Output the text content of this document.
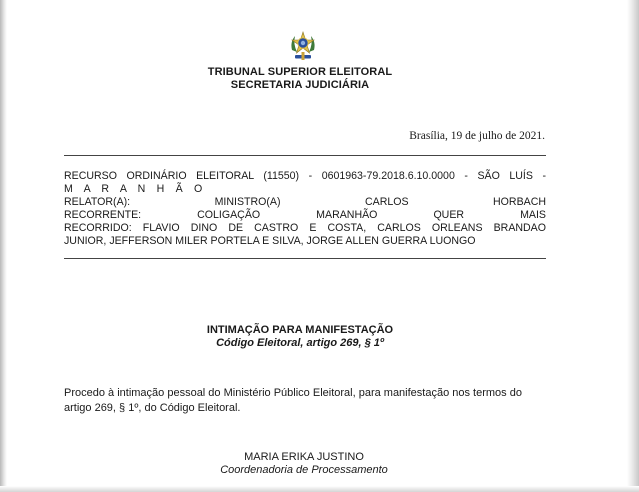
TRIBUNAL SUPERIOR ELEITORAL
SECRETARIA JUDICIÁRIA
Brasília, 19 de julho de 2021.
RECURSO ORDINÁRIO ELEITORAL (11550) - 0601963-79.2018.6.10.0000 - SÃO LUÍS -
M A R A N H Ã O
RELATOR(A): MINISTRO(A) CARLOS HORBACH
RECORRENTE: COLIGAÇÃO MARANHÃO QUER MAIS
RECORRIDO: FLAVIO DINO DE CASTRO E COSTA, CARLOS ORLEANS BRANDAO
JUNIOR, JEFFERSON MILER PORTELA E SILVA, JORGE ALLEN GUERRA LUONGO
INTIMAÇÃO PARA MANIFESTAÇÃO
Código Eleitoral, artigo 269, § 1º
Procedo à intimação pessoal do Ministério Público Eleitoral, para manifestação nos termos do artigo 269, § 1º, do Código Eleitoral.
MARIA ERIKA JUSTINO
Coordenadoria de Processamento
